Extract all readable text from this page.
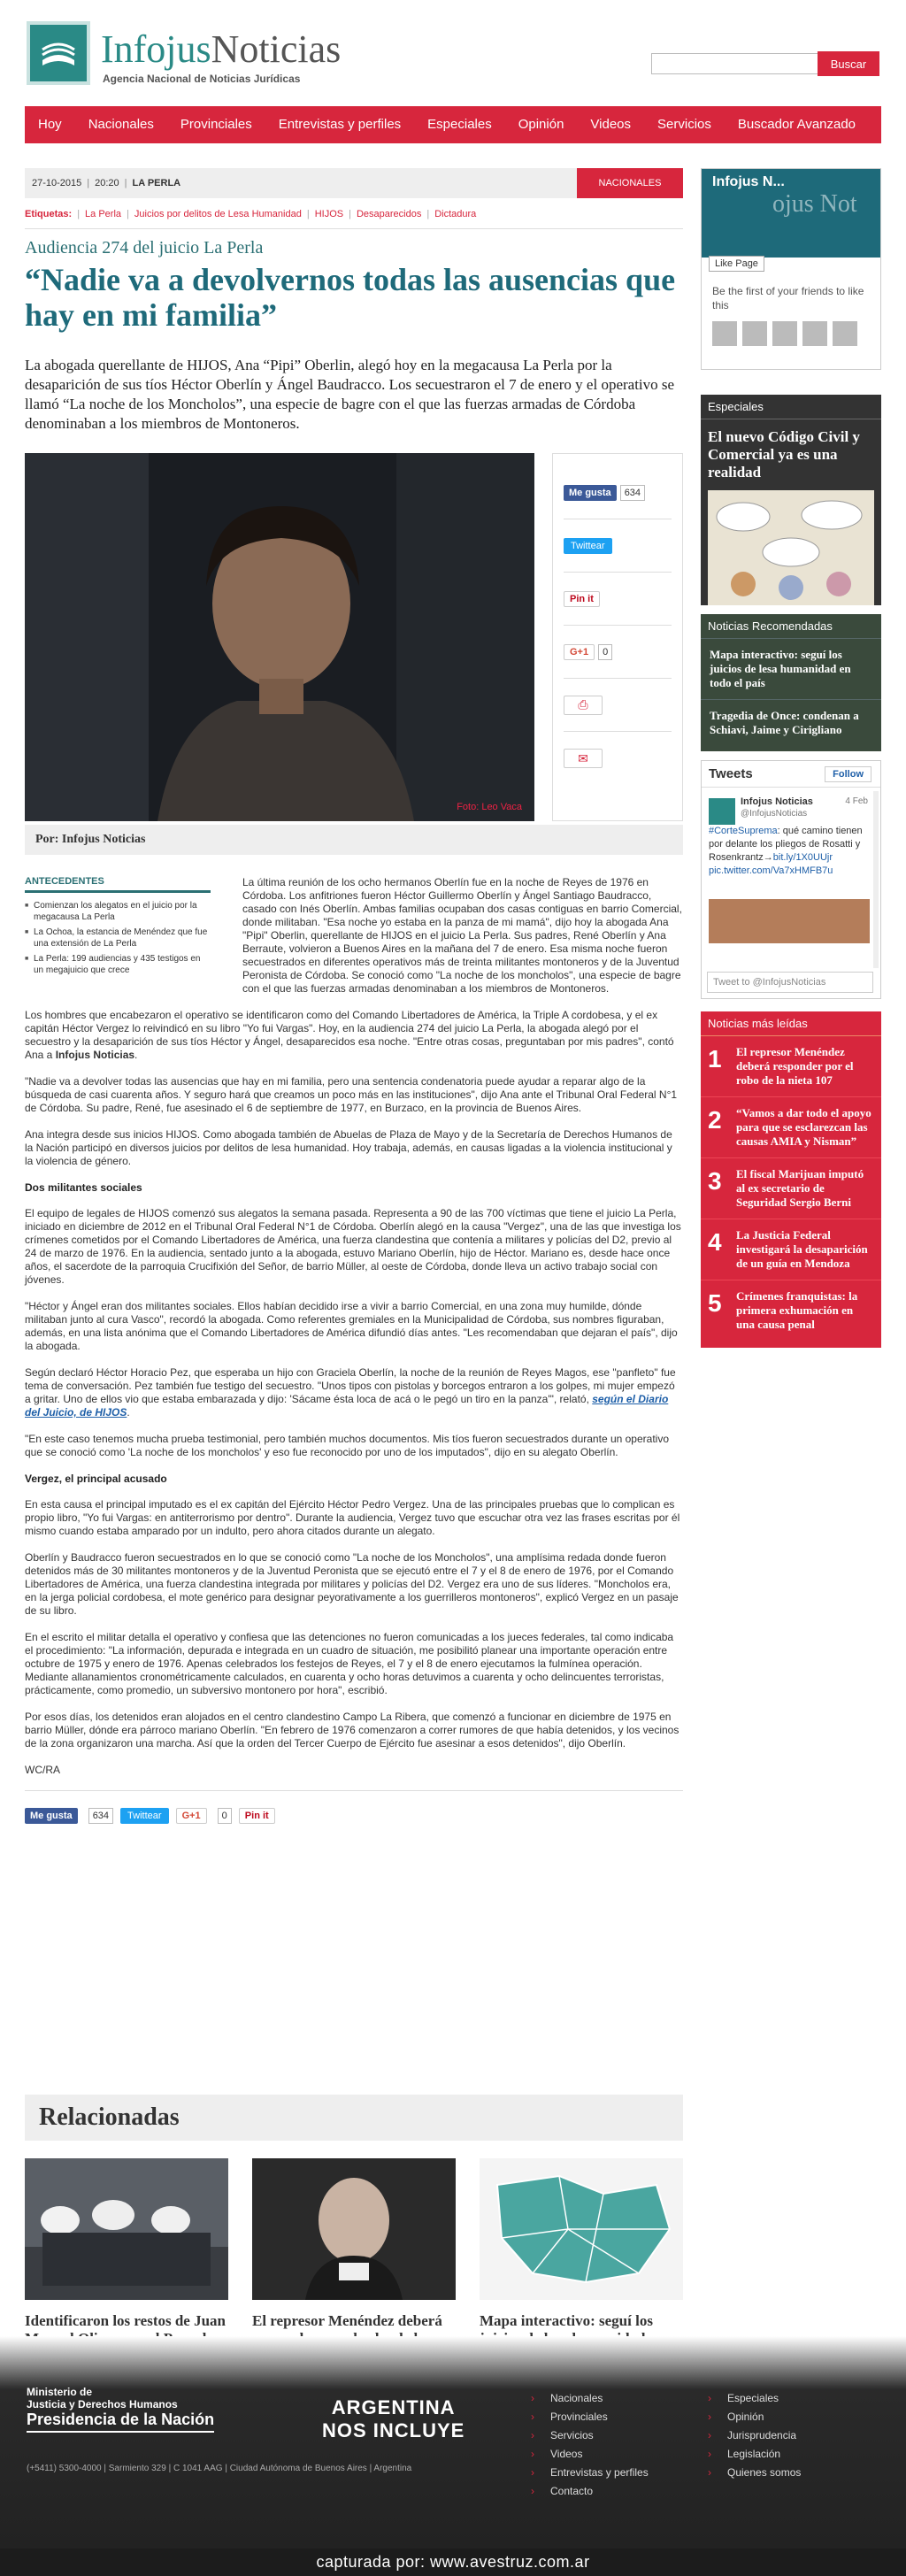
InfojusNoticias
Agencia Nacional de Noticias Jurídicas
Buscar
Hoy	Nacionales	Provinciales	Entrevistas y perfiles	Especiales	Opinión	Videos	Servicios	Buscador Avanzado
27-10-2015 | 20:20 | LA PERLA	NACIONALES
Etiquetas: | La Perla | Juicios por delitos de Lesa Humanidad | HIJOS | Desaparecidos | Dictadura
Audiencia 274 del juicio La Perla
“Nadie va a devolvernos todas las ausencias que hay en mi familia”

La abogada querellante de HIJOS, Ana “Pipi” Oberlin, alegó hoy en la megacausa La Perla por la desaparición de sus tíos Héctor Oberlín y Ángel Baudracco. Los secuestraron el 7 de enero y el operativo se llamó “La noche de los Moncholos”, una especie de bagre con el que las fuerzas armadas de Córdoba denominaban a los miembros de Montoneros.

Foto: Leo Vaca
Me gusta	634
Twittear
Pin it
G+1	0
⎙
✉
Por: Infojus Noticias
ANTECEDENTES
■ Comienzan los alegatos en el juicio por la megacausa La Perla
■ La Ochoa, la estancia de Menéndez que fue una extensión de La Perla
■ La Perla: 199 audiencias y 435 testigos en un megajuicio que crece

La última reunión de los ocho hermanos Oberlín fue en la noche de Reyes de 1976 en Córdoba. Los anfitriones fueron Héctor Guillermo Oberlín y Ángel Santiago Baudracco, casado con Inés Oberlín. Ambas familias ocupaban dos casas contiguas en barrio Comercial, donde militaban. "Esa noche yo estaba en la panza de mi mamá", dijo hoy la abogada Ana "Pipi" Oberlin, querellante de HIJOS en el juicio La Perla. Sus padres, René Oberlín y Ana Berraute, volvieron a Buenos Aires en la mañana del 7 de enero. Esa misma noche fueron secuestrados en diferentes operativos más de treinta militantes montoneros y de la Juventud Peronista de Córdoba. Se conoció como "La noche de los moncholos", una especie de bagre con el que las fuerzas armadas denominaban a los miembros de Montoneros.

Los hombres que encabezaron el operativo se identificaron como del Comando Libertadores de América, la Triple A cordobesa, y el ex capitán Héctor Vergez lo reivindicó en su libro "Yo fui Vargas". Hoy, en la audiencia 274 del juicio La Perla, la abogada alegó por el secuestro y la desaparición de sus tíos Héctor y Ángel, desaparecidos esa noche. "Entre otras cosas, preguntaban por mis padres", contó Ana a Infojus Noticias.

"Nadie va a devolver todas las ausencias que hay en mi familia, pero una sentencia condenatoria puede ayudar a reparar algo de la búsqueda de casi cuarenta años. Y seguro hará que creamos un poco más en las instituciones", dijo Ana ante el Tribunal Oral Federal N°1 de Córdoba. Su padre, René, fue asesinado el 6 de septiembre de 1977, en Burzaco, en la provincia de Buenos Aires.

Ana integra desde sus inicios HIJOS. Como abogada también de Abuelas de Plaza de Mayo y de la Secretaría de Derechos Humanos de la Nación participó en diversos juicios por delitos de lesa humanidad. Hoy trabaja, además, en causas ligadas a la violencia institucional y la violencia de género.

Dos militantes sociales

El equipo de legales de HIJOS comenzó sus alegatos la semana pasada. Representa a 90 de las 700 víctimas que tiene el juicio La Perla, iniciado en diciembre de 2012 en el Tribunal Oral Federal N°1 de Córdoba. Oberlín alegó en la causa "Vergez", una de las que investiga los crímenes cometidos por el Comando Libertadores de América, una fuerza clandestina que contenía a militares y policías del D2, previo al 24 de marzo de 1976. En la audiencia, sentado junto a la abogada, estuvo Mariano Oberlín, hijo de Héctor. Mariano es, desde hace once años, el sacerdote de la parroquia Crucifixión del Señor, de barrio Müller, al oeste de Córdoba, donde lleva un activo trabajo social con jóvenes.

"Héctor y Ángel eran dos militantes sociales. Ellos habían decidido irse a vivir a barrio Comercial, en una zona muy humilde, dónde militaban junto al cura Vasco", recordó la abogada. Como referentes gremiales en la Municipalidad de Córdoba, sus nombres figuraban, además, en una lista anónima que el Comando Libertadores de América difundió días antes. "Les recomendaban que dejaran el país", dijo la abogada.

Según declaró Héctor Horacio Pez, que esperaba un hijo con Graciela Oberlín, la noche de la reunión de Reyes Magos, ese "panfleto" fue tema de conversación. Pez también fue testigo del secuestro. "Unos tipos con pistolas y borcegos entraron a los golpes, mi mujer empezó a gritar. Uno de ellos vio que estaba embarazada y dijo: 'Sácame ésta loca de acá o le pegó un tiro en la panza'", relató, según el Diario del Juicio, de HIJOS.

"En este caso tenemos mucha prueba testimonial, pero también muchos documentos. Mis tíos fueron secuestrados durante un operativo que se conoció como 'La noche de los moncholos' y eso fue reconocido por uno de los imputados", dijo en su alegato Oberlín.

Vergez, el principal acusado

En esta causa el principal imputado es el ex capitán del Ejército Héctor Pedro Vergez. Una de las principales pruebas que lo complican es propio libro, "Yo fui Vargas: en antiterrorismo por dentro". Durante la audiencia, Vergez tuvo que escuchar otra vez las frases escritas por él mismo cuando estaba amparado por un indulto, pero ahora citados durante un alegato.

Oberlín y Baudracco fueron secuestrados en lo que se conoció como "La noche de los Moncholos", una amplísima redada donde fueron detenidos más de 30 militantes montoneros y de la Juventud Peronista que se ejecutó entre el 7 y el 8 de enero de 1976, por el Comando Libertadores de América, una fuerza clandestina integrada por militares y policías del D2. Vergez era uno de sus líderes. "Moncholos era, en la jerga policial cordobesa, el mote genérico para designar peyorativamente a los guerrilleros montoneros", explicó Vergez en un pasaje de su libro.

En el escrito el militar detalla el operativo y confiesa que las detenciones no fueron comunicadas a los jueces federales, tal como indicaba el procedimiento: "La información, depurada e integrada en un cuadro de situación, me posibilitó planear una importante operación entre octubre de 1975 y enero de 1976. Apenas celebrados los festejos de Reyes, el 7 y el 8 de enero ejecutamos la fulmínea operación. Mediante allanamientos cronométricamente calculados, en cuarenta y ocho horas detuvimos a cuarenta y ocho delincuentes terroristas, prácticamente, como promedio, un subversivo montonero por hora", escribió.

Por esos días, los detenidos eran alojados en el centro clandestino Campo La Ribera, que comenzó a funcionar en diciembre de 1975 en barrio Müller, dónde era párroco mariano Oberlín. "En febrero de 1976 comenzaron a correr rumores de que había detenidos, y los vecinos de la zona organizaron una marcha. Así que la orden del Tercer Cuerpo de Ejército fue asesinar a esos detenidos", dijo Oberlín.

WC/RA

Me gusta	634	Twittear	G+1	0	Pin it
Relacionadas
Identificaron los restos de Juan El represor Menéndez deberá	Mapa interactivo: seguí los
Infojus N...
ojus Not
Like Page
Be the first of your friends to like this
Especiales
El nuevo Código Civil y Comercial ya es una realidad
Noticias Recomendadas
Mapa interactivo: seguí los juicios de lesa humanidad en todo el país
Tragedia de Once: condenan a Schiavi, Jaime y Cirigliano
Tweets	Follow
Infojus Noticias
@InfojusNoticias
4 Feb
#CorteSuprema: qué camino tienen por delante los pliegos de Rosatti y Rosenkrantz→bit.ly/1X0UUjr pic.twitter.com/Va7xHMFB7u
Tweet to @InfojusNoticias
Noticias más leídas
1 El represor Menéndez deberá responder por el robo de la nieta 107
2 “Vamos a dar todo el apoyo para que se esclarezcan las causas AMIA y Nisman”
3 El fiscal Marijuan imputó al ex secretario de Seguridad Sergio Berni
4 La Justicia Federal investigará la desaparición de un guía en Mendoza
5 Crímenes franquistas: la primera exhumación en una causa penal
Ministerio de
Justicia y Derechos Humanos
Presidencia de la Nación
ARGENTINA
NOS INCLUYE
(+5411) 5300-4000 | Sarmiento 329 | C 1041 AAG | Ciudad Autónoma de Buenos Aires | Argentina
› Nacionales
› Provinciales
› Servicios
› Videos
› Entrevistas y perfiles
› Contacto
› Especiales
› Opinión
› Jurisprudencia
› Legislación
› Quienes somos
capturada por: www.avestruz.com.ar
